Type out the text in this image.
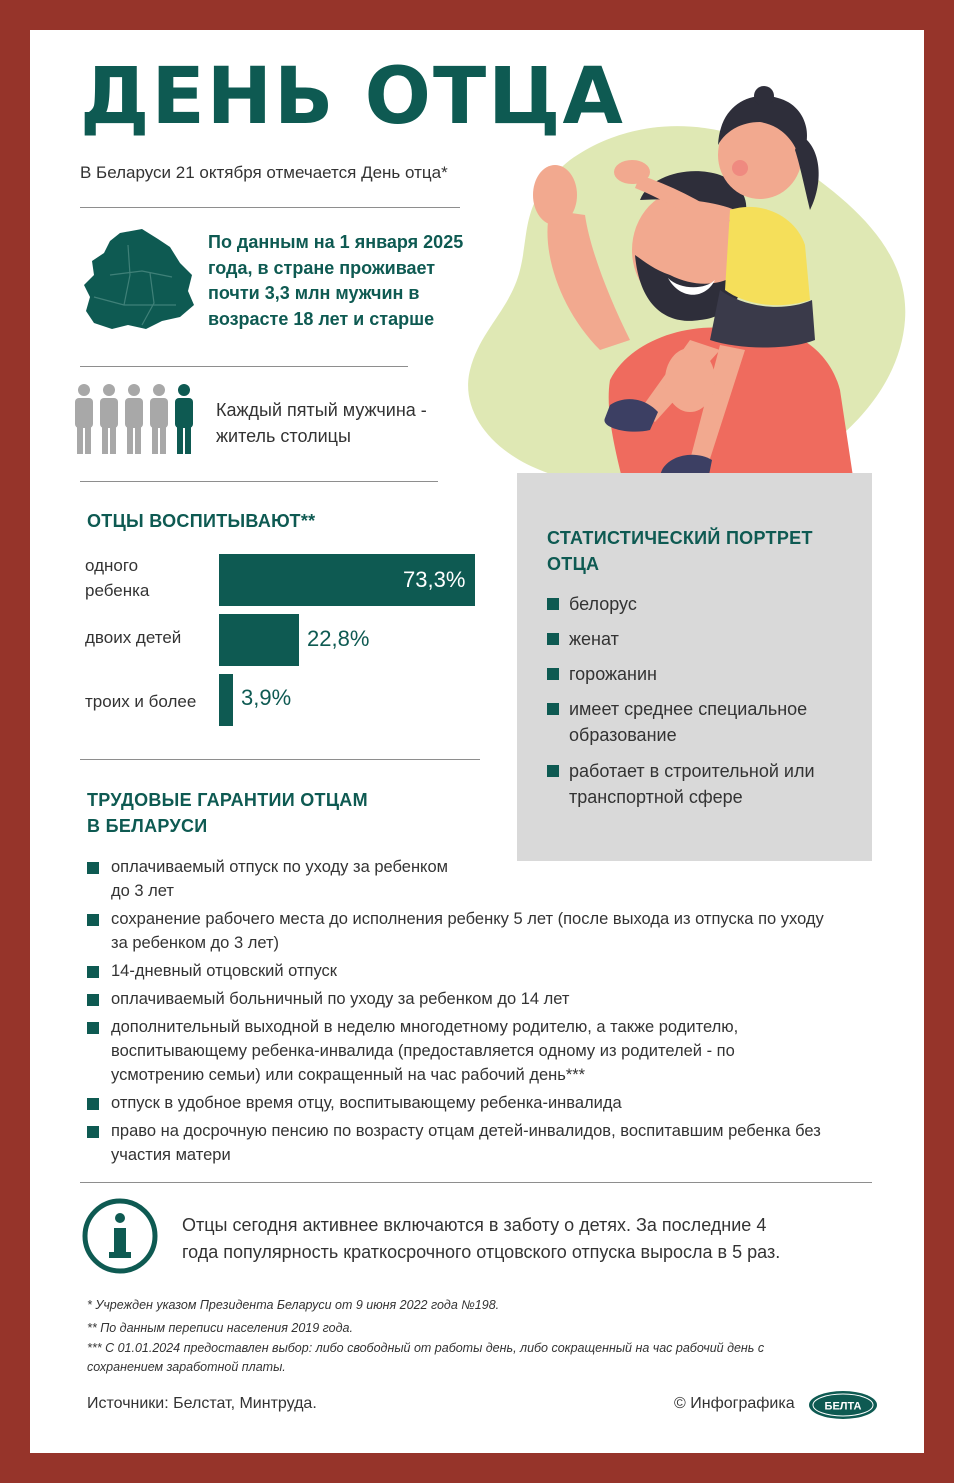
ДЕНЬ ОТЦА
В Беларуси 21 октября отмечается День отца*
По данным на 1 января 2025
года, в стране проживает
почти 3,3 млн мужчин в
возрасте 18 лет и старше
Каждый пятый мужчина -
житель столицы
ОТЦЫ ВОСПИТЫВАЮТ**
одного
ребенка
двоих детей
троих и более
73,3%
22,8%
3,9%
СТАТИСТИЧЕСКИЙ ПОРТРЕТ
ОТЦА
белорус
женат
горожанин
имеет среднее специальное
образование
работает в строительной или
транспортной сфере
ТРУДОВЫЕ ГАРАНТИИ ОТЦАМ
В БЕЛАРУСИ
оплачиваемый отпуск по уходу за ребенком
до 3 лет
сохранение рабочего места до исполнения ребенку 5 лет (после выхода из отпуска по уходу
за ребенком до 3 лет)
14-дневный отцовский отпуск
оплачиваемый больничный по уходу за ребенком до 14 лет
дополнительный выходной в неделю многодетному родителю, а также родителю,
воспитывающему ребенка-инвалида (предоставляется одному из родителей - по
усмотрению семьи) или сокращенный на час рабочий день***
отпуск в удобное время отцу, воспитывающему ребенка-инвалида
право на досрочную пенсию по возрасту отцам детей-инвалидов, воспитавшим ребенка без
участия матери
Отцы сегодня активнее включаются в заботу о детях. За последние 4
года популярность краткосрочного отцовского отпуска выросла в 5 раз.
* Учрежден указом Президента Беларуси от 9 июня 2022 года №198.
** По данным переписи населения 2019 года.
*** С 01.01.2024 предоставлен выбор: либо свободный от работы день, либо сокращенный на час рабочий день с
сохранением заработной платы.
Источники: Белстат, Минтруда.	© Инфографика	БЕЛТА
